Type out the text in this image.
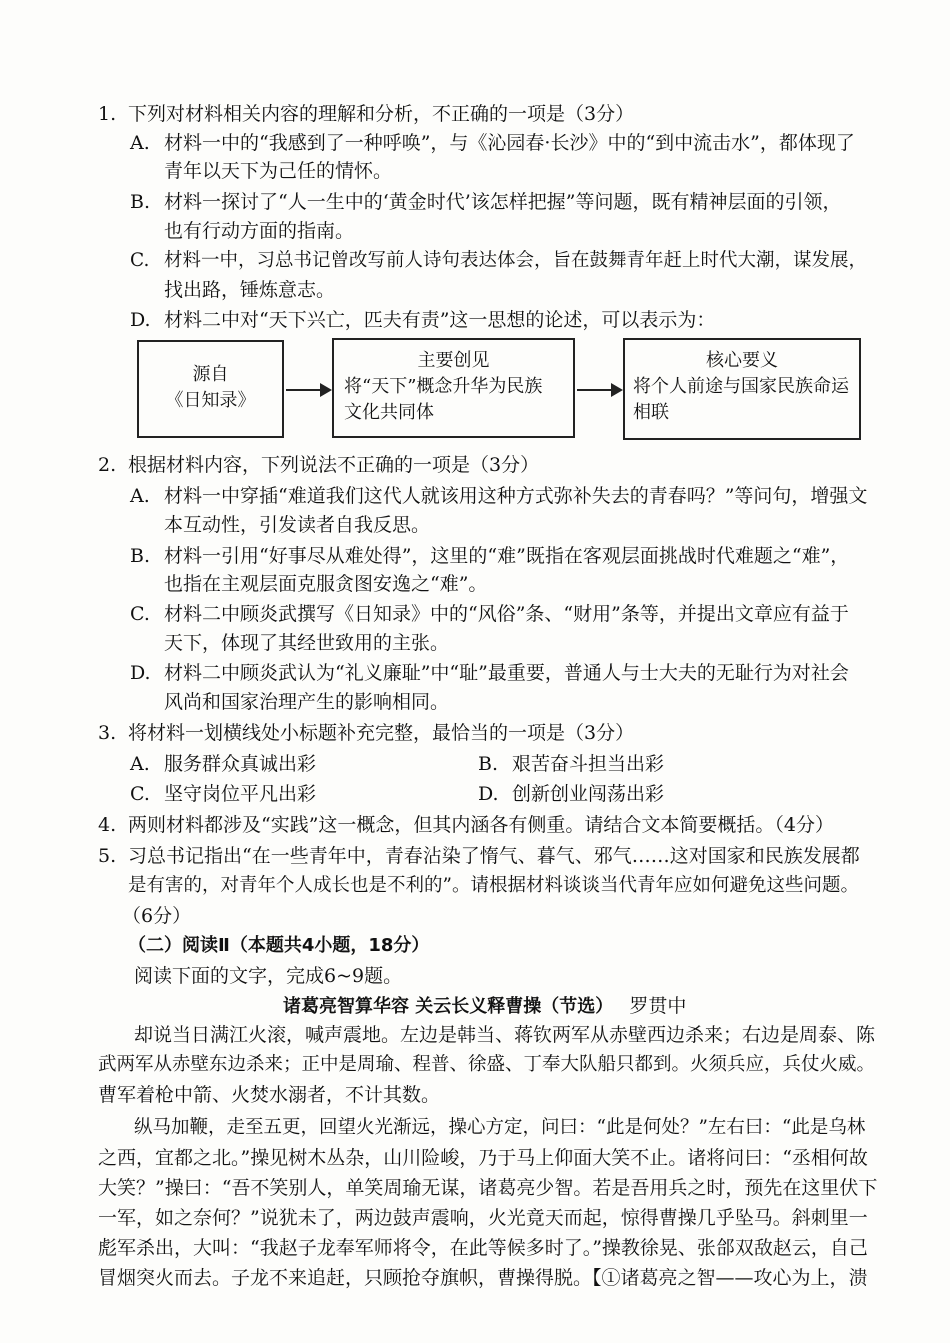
1. 下列对材料相关内容的理解和分析，不正确的一项是（3分）
A. 材料一中的“我感到了一种呼唤”，与《沁园春·长沙》中的“到中流击水”，都体现了
青年以天下为己任的情怀。
B. 材料一探讨了“人一生中的‘黄金时代’该怎样把握”等问题，既有精神层面的引领，
也有行动方面的指南。
C. 材料一中，习总书记曾改写前人诗句表达体会，旨在鼓舞青年赶上时代大潮，谋发展，
找出路，锤炼意志。
D. 材料二中对“天下兴亡，匹夫有责”这一思想的论述，可以表示为：
源自
《日知录》
主要创见
将“天下”概念升华为民族
文化共同体
核心要义
将个人前途与国家民族命运
相联
2. 根据材料内容，下列说法不正确的一项是（3分）
A. 材料一中穿插“难道我们这代人就该用这种方式弥补失去的青春吗？”等问句，增强文
本互动性，引发读者自我反思。
B. 材料一引用“好事尽从难处得”，这里的“难”既指在客观层面挑战时代难题之“难”，
也指在主观层面克服贪图安逸之“难”。
C. 材料二中顾炎武撰写《日知录》中的“风俗”条、“财用”条等，并提出文章应有益于
天下，体现了其经世致用的主张。
D. 材料二中顾炎武认为“礼义廉耻”中“耻”最重要，普通人与士大夫的无耻行为对社会
风尚和国家治理产生的影响相同。
3. 将材料一划横线处小标题补充完整，最恰当的一项是（3分）
A. 服务群众真诚出彩	B. 艰苦奋斗担当出彩
C. 坚守岗位平凡出彩	D. 创新创业闯荡出彩
4. 两则材料都涉及“实践”这一概念，但其内涵各有侧重。请结合文本简要概括。（4分）
5. 习总书记指出“在一些青年中，青春沾染了惰气、暮气、邪气……这对国家和民族发展都
是有害的，对青年个人成长也是不利的”。请根据材料谈谈当代青年应如何避免这些问题。
（6分）
（二）阅读Ⅱ（本题共4小题，18分）
阅读下面的文字，完成6~9题。
诸葛亮智算华容 关云长义释曹操（节选） 罗贯中
却说当日满江火滚，喊声震地。左边是韩当、蒋钦两军从赤壁西边杀来；右边是周泰、陈
武两军从赤壁东边杀来；正中是周瑜、程普、徐盛、丁奉大队船只都到。火须兵应，兵仗火威。
曹军着枪中箭、火焚水溺者，不计其数。
纵马加鞭，走至五更，回望火光渐远，操心方定，问曰：“此是何处？”左右曰：“此是乌林
之西，宜都之北。”操见树木丛杂，山川险峻，乃于马上仰面大笑不止。诸将问曰：“丞相何故
大笑？”操曰：“吾不笑别人，单笑周瑜无谋，诸葛亮少智。若是吾用兵之时，预先在这里伏下
一军，如之奈何？”说犹未了，两边鼓声震响，火光竟天而起，惊得曹操几乎坠马。斜刺里一
彪军杀出，大叫：“我赵子龙奉军师将令，在此等候多时了。”操教徐晃、张郃双敌赵云，自己
冒烟突火而去。子龙不来追赶，只顾抢夺旗帜，曹操得脱。【①诸葛亮之智——攻心为上，溃
